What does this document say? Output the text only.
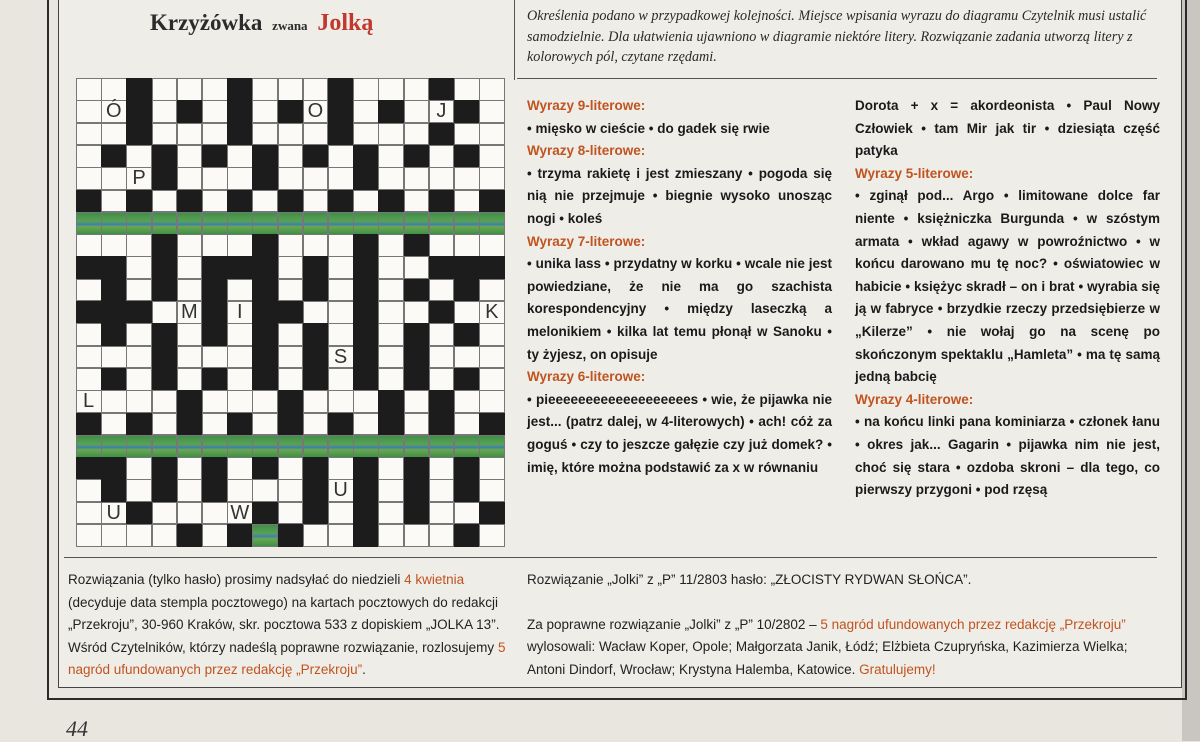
Krzyżówka zwana Jolką	Określenia podano w przypadkowej kolejności. Miejsce wpisania wyrazu do diagramu Czytelnik musi ustalić samodzielnie. Dla ułatwienia ujawniono w diagramie niektóre litery. Rozwiązanie zadania utworzą litery z kolorowych pól, czytane rzędami.
Ó	O	J
P
M	I	K
S
L
U
U	W
Wyrazy 9-literowe:
• mięsko w cieście • do gadek się rwie
Wyrazy 8-literowe:
• trzyma rakietę i jest zmieszany • pogoda się nią nie przejmuje • biegnie wysoko unosząc nogi • koleś
Wyrazy 7-literowe:
• unika lass • przydatny w korku • wcale nie jest powiedziane, że nie ma go szachista korespondencyjny • między laseczką a melonikiem • kilka lat temu płonął w Sanoku • ty żyjesz, on opisuje
Wyrazy 6-literowe:
• pieeeeeeeeeeeeeeeeeees • wie, że pijawka nie jest... (patrz dalej, w 4-literowych) • ach! cóż za goguś • czy to jeszcze gałęzie czy już domek? • imię, które można podstawić za x w równaniu
Dorota + x = akordeonista • Paul Nowy Człowiek • tam Mir jak tir • dziesiąta część patyka
Wyrazy 5-literowe:
• zginął pod... Argo • limitowane dolce far niente • księżniczka Burgunda • w szóstym armata • wkład agawy w powroźnictwo • w końcu darowano mu tę noc? • oświatowiec w habicie • księżyc skradł – on i brat • wyrabia się ją w fabryce • brzydkie rzeczy przedsiębierze w „Kilerze” • nie wołaj go na scenę po skończonym spektaklu „Hamleta” • ma tę samą jedną babcię
Wyrazy 4-literowe:
• na końcu linki pana kominiarza • członek łanu • okres jak... Gagarin • pijawka nim nie jest, choć się stara • ozdoba skroni – dla tego, co pierwszy przygoni • pod rzęsą
Rozwiązania (tylko hasło) prosimy nadsyłać do niedzieli 4 kwietnia (decyduje data stempla pocztowego) na kartach pocztowych do redakcji „Przekroju”, 30-960 Kraków, skr. pocztowa 533 z dopiskiem „JOLKA 13”. Wśród Czytelników, którzy nadeślą poprawne rozwiązanie, rozlosujemy 5 nagród ufundowanych przez redakcję „Przekroju”.
Rozwiązanie „Jolki” z „P” 11/2803 hasło: „ZŁOCISTY RYDWAN SŁOŃCA”.
Za poprawne rozwiązanie „Jolki” z „P” 10/2802 – 5 nagród ufundowanych przez redakcję „Przekroju” wylosowali: Wacław Koper, Opole; Małgorzata Janik, Łódź; Elżbieta Czupryńska, Kazimierza Wielka; Antoni Dindorf, Wrocław; Krystyna Halemba, Katowice. Gratulujemy!
44
